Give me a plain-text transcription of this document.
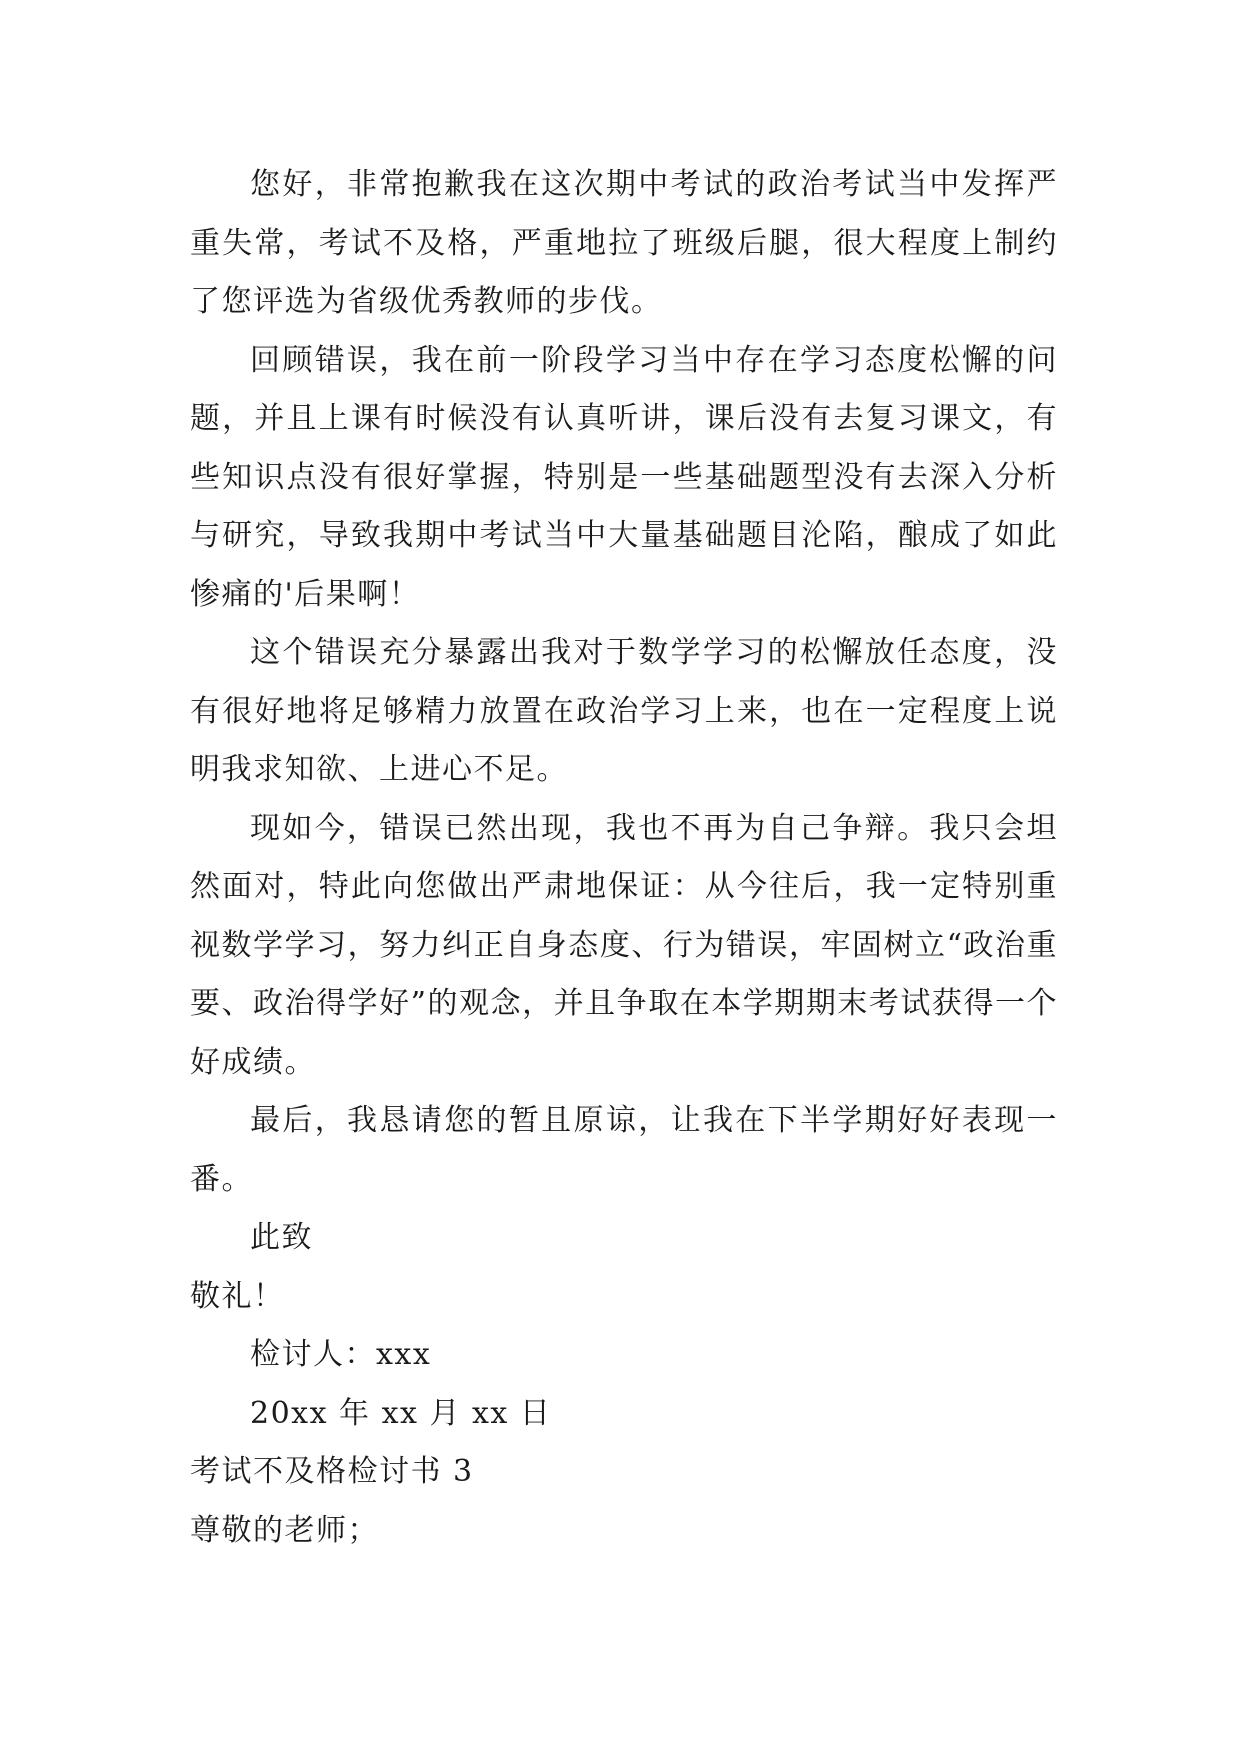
您好，非常抱歉我在这次期中考试的政治考试当中发挥严重失常，考试不及格，严重地拉了班级后腿，很大程度上制约了您评选为省级优秀教师的步伐。

回顾错误，我在前一阶段学习当中存在学习态度松懈的问题，并且上课有时候没有认真听讲，课后没有去复习课文，有些知识点没有很好掌握，特别是一些基础题型没有去深入分析与研究，导致我期中考试当中大量基础题目沦陷，酿成了如此惨痛的'后果啊！

这个错误充分暴露出我对于数学学习的松懈放任态度，没有很好地将足够精力放置在政治学习上来，也在一定程度上说明我求知欲、上进心不足。

现如今，错误已然出现，我也不再为自己争辩。我只会坦然面对，特此向您做出严肃地保证：从今往后，我一定特别重视数学学习，努力纠正自身态度、行为错误，牢固树立“政治重要、政治得学好”的观念，并且争取在本学期期末考试获得一个好成绩。

最后，我恳请您的暂且原谅，让我在下半学期好好表现一番。

此致

敬礼！

检讨人：xxx

20xx 年 xx 月 xx 日

考试不及格检讨书 3

尊敬的老师；
